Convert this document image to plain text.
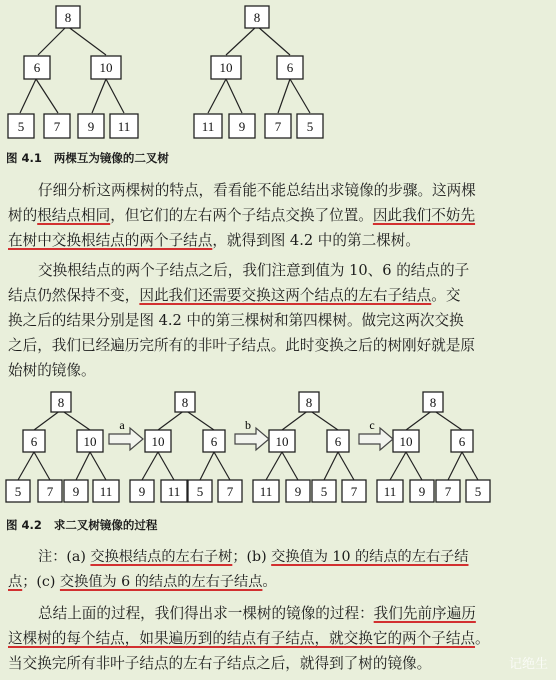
8
6	10
5 7 9 11
8
10	6
11 9 7 5
图 4.1 两棵互为镜像的二叉树
仔细分析这两棵树的特点，看看能不能总结出求镜像的步骤。这两棵
树的根结点相同，但它们的左右两个子结点交换了位置。因此我们不妨先
在树中交换根结点的两个子结点，就得到图 4.2 中的第二棵树。
交换根结点的两个子结点之后，我们注意到值为 10、6 的结点的子
结点仍然保持不变，因此我们还需要交换这两个结点的左右子结点。交
换之后的结果分别是图 4.2 中的第三棵树和第四棵树。做完这两次交换
之后，我们已经遍历完所有的非叶子结点。此时变换之后的树刚好就是原
始树的镜像。
8
6	10
5 7 9 11
8
10	6
9 11 5 7
8
10	6
11 9 5 7
8
10	6
11 9 7 5
a	b	c
图 4.2 求二叉树镜像的过程
注：(a) 交换根结点的左右子树；(b) 交换值为 10 的结点的左右子结
点；(c) 交换值为 6 的结点的左右子结点。
总结上面的过程，我们得出求一棵树的镜像的过程：我们先前序遍历
这棵树的每个结点，如果遍历到的结点有子结点，就交换它的两个子结点。
当交换完所有非叶子结点的左右子结点之后，就得到了树的镜像。	记绝生
